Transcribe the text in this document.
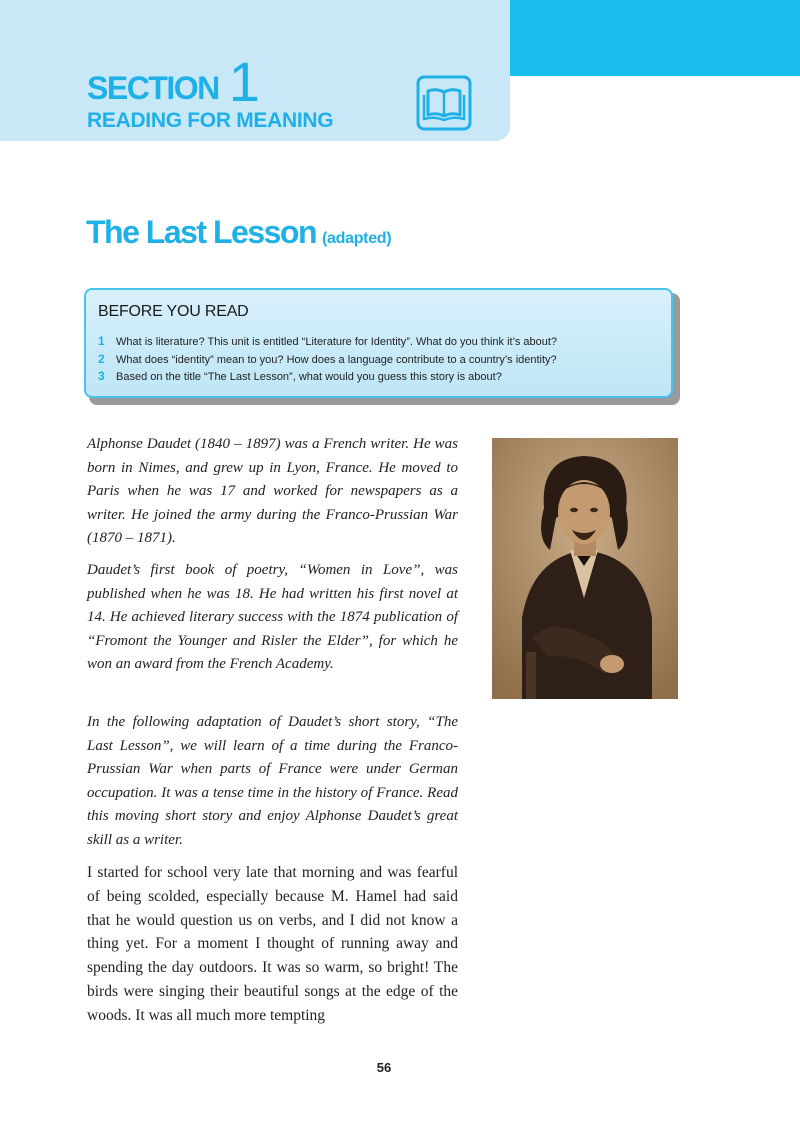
SECTION 1
READING FOR MEANING
The Last Lesson (adapted)
BEFORE YOU READ
1 What is literature? This unit is entitled “Literature for Identity”. What do you think it’s about?
2 What does “identity” mean to you? How does a language contribute to a country’s identity?
3 Based on the title “The Last Lesson”, what would you guess this story is about?

Alphonse Daudet (1840 – 1897) was a French writer. He was born in Nimes, and grew up in Lyon, France. He moved to Paris when he was 17 and worked for newspapers as a writer. He joined the army during the Franco-Prussian War (1870 – 1871).

Daudet’s first book of poetry, “Women in Love”, was published when he was 18. He had written his first novel at 14. He achieved literary success with the 1874 publication of “Fromont the Younger and Risler the Elder”, for which he won an award from the French Academy.

In the following adaptation of Daudet’s short story, “The Last Lesson”, we will learn of a time during the Franco-Prussian War when parts of France were under German occupation. It was a tense time in the history of France. Read this moving short story and enjoy Alphonse Daudet’s great skill as a writer.

I started for school very late that morning and was fearful of being scolded, especially because M. Hamel had said that he would question us on verbs, and I did not know a thing yet. For a moment I thought of running away and spending the day outdoors. It was so warm, so bright! The birds were singing their beautiful songs at the edge of the woods. It was all much more tempting

56
